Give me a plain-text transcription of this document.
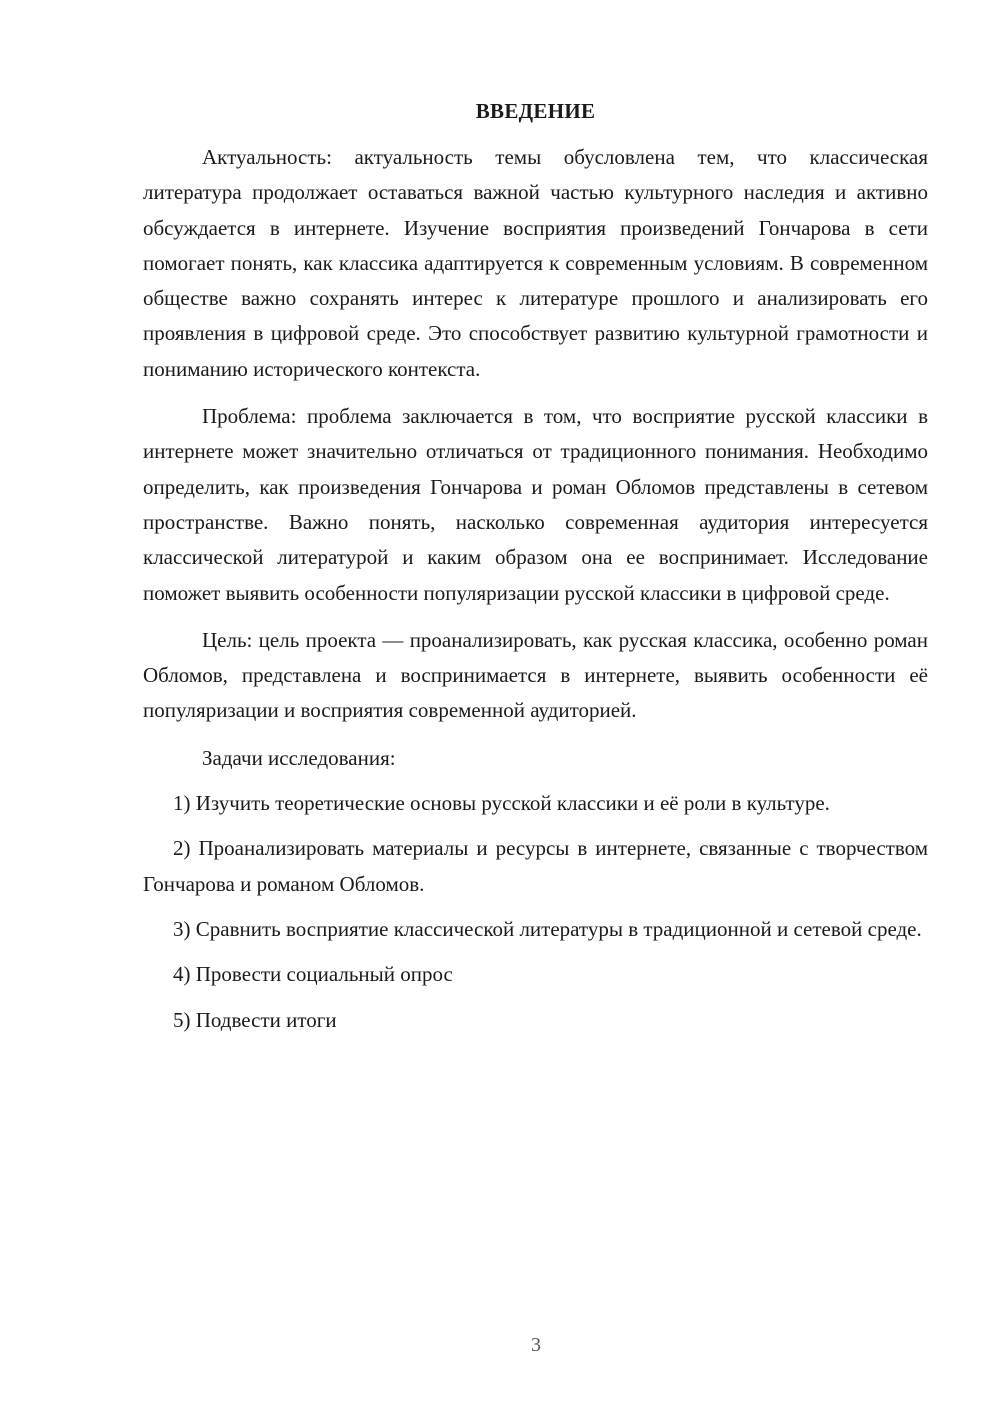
ВВЕДЕНИЕ

Актуальность: актуальность темы обусловлена тем, что классическая литература продолжает оставаться важной частью культурного наследия и активно обсуждается в интернете. Изучение восприятия произведений Гончарова в сети помогает понять, как классика адаптируется к современным условиям. В современном обществе важно сохранять интерес к литературе прошлого и анализировать его проявления в цифровой среде. Это способствует развитию культурной грамотности и пониманию исторического контекста.

Проблема: проблема заключается в том, что восприятие русской классики в интернете может значительно отличаться от традиционного понимания. Необходимо определить, как произведения Гончарова и роман Обломов представлены в сетевом пространстве. Важно понять, насколько современная аудитория интересуется классической литературой и каким образом она ее воспринимает. Исследование поможет выявить особенности популяризации русской классики в цифровой среде.

Цель: цель проекта — проанализировать, как русская классика, особенно роман Обломов, представлена и воспринимается в интернете, выявить особенности её популяризации и восприятия современной аудиторией.

Задачи исследования:

1) Изучить теоретические основы русской классики и её роли в культуре.

2) Проанализировать материалы и ресурсы в интернете, связанные с творчеством Гончарова и романом Обломов.

3) Сравнить восприятие классической литературы в традиционной и сетевой среде.

4) Провести социальный опрос

5) Подвести итоги

3
